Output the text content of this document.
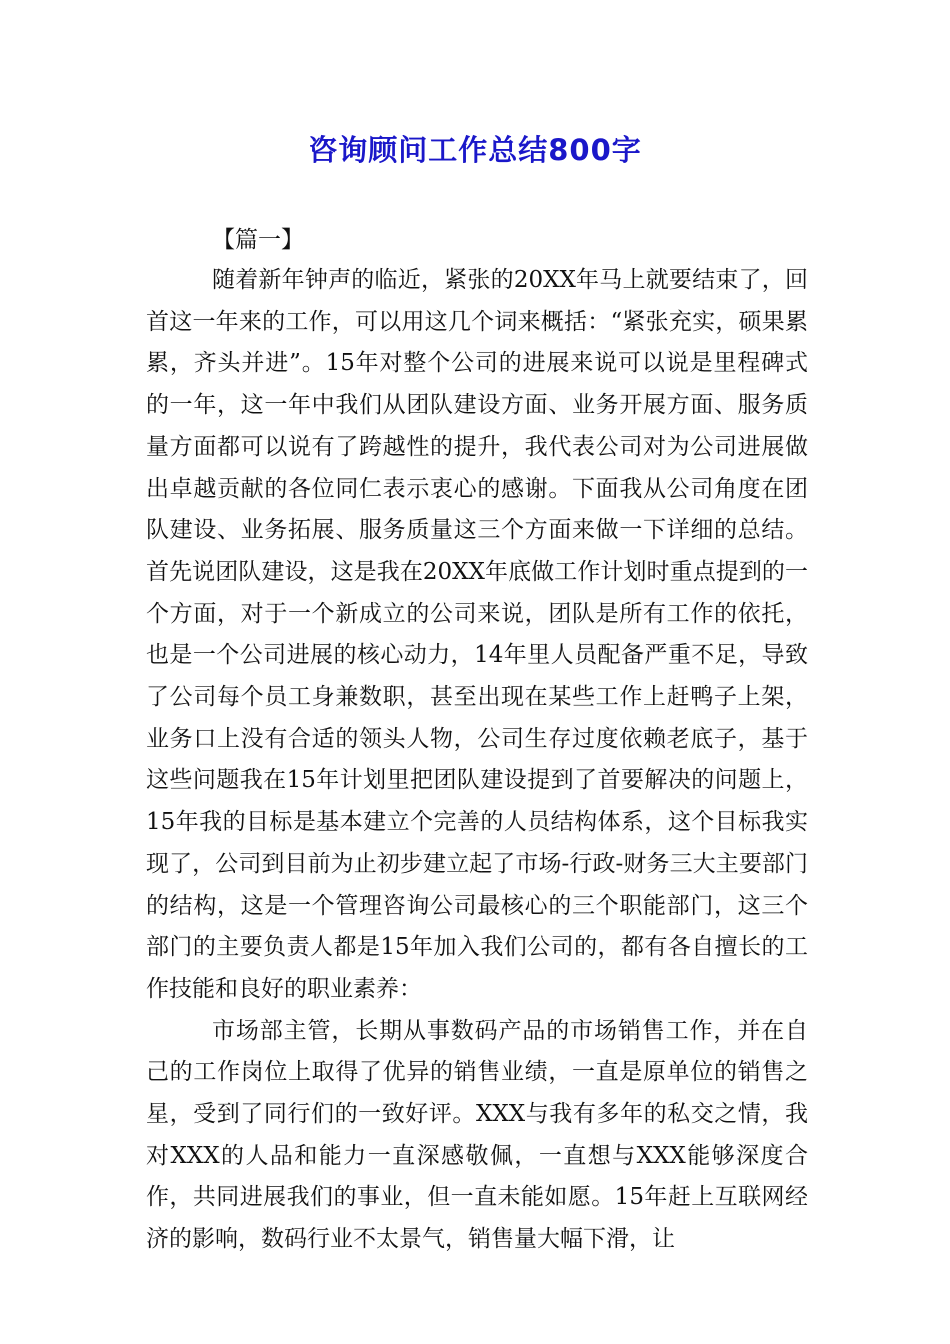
咨询顾问工作总结800字

【篇一】

随着新年钟声的临近，紧张的20XX年马上就要结束了，回首这一年来的工作，可以用这几个词来概括：“紧张充实，硕果累累，齐头并进”。15年对整个公司的进展来说可以说是里程碑式的一年，这一年中我们从团队建设方面、业务开展方面、服务质量方面都可以说有了跨越性的提升，我代表公司对为公司进展做出卓越贡献的各位同仁表示衷心的感谢。下面我从公司角度在团队建设、业务拓展、服务质量这三个方面来做一下详细的总结。首先说团队建设，这是我在20XX年底做工作计划时重点提到的一个方面，对于一个新成立的公司来说，团队是所有工作的依托，也是一个公司进展的核心动力，14年里人员配备严重不足，导致了公司每个员工身兼数职，甚至出现在某些工作上赶鸭子上架，业务口上没有合适的领头人物，公司生存过度依赖老底子，基于这些问题我在15年计划里把团队建设提到了首要解决的问题上，15年我的目标是基本建立个完善的人员结构体系，这个目标我实现了，公司到目前为止初步建立起了市场-行政-财务三大主要部门的结构，这是一个管理咨询公司最核心的三个职能部门，这三个部门的主要负责人都是15年加入我们公司的，都有各自擅长的工作技能和良好的职业素养：

市场部主管，长期从事数码产品的市场销售工作，并在自己的工作岗位上取得了优异的销售业绩，一直是原单位的销售之星，受到了同行们的一致好评。XXX与我有多年的私交之情，我对XXX的人品和能力一直深感敬佩，一直想与XXX能够深度合作，共同进展我们的事业，但一直未能如愿。15年赶上互联网经济的影响，数码行业不太景气，销售量大幅下滑，让
